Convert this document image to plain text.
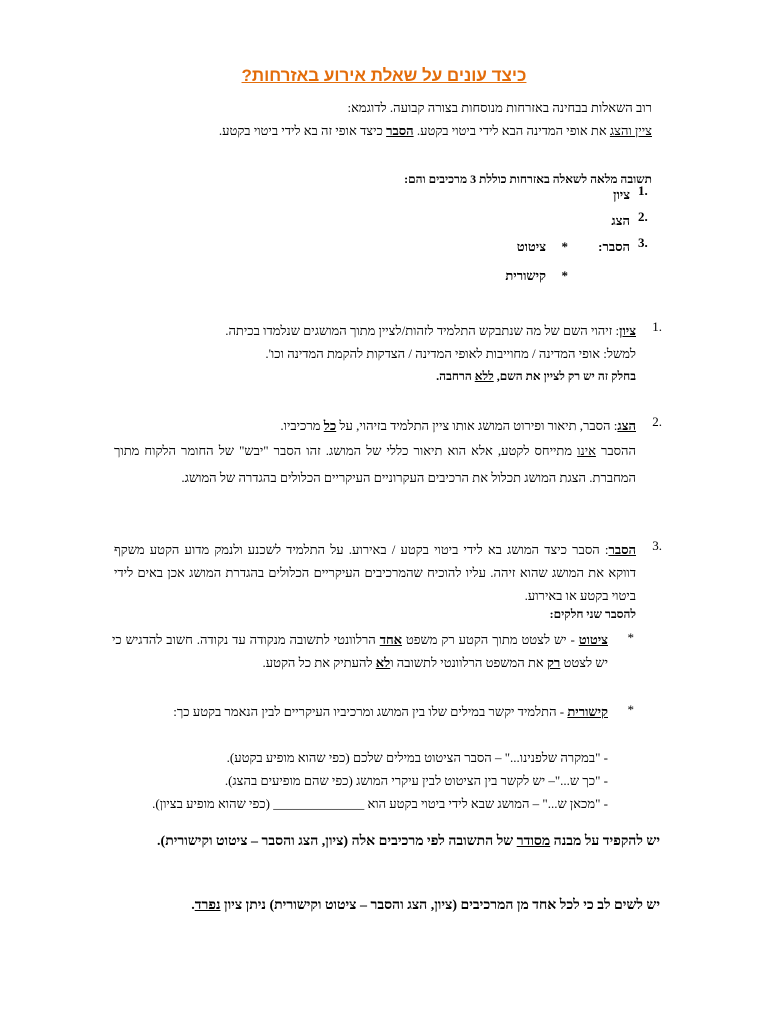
כיצד עונים על שאלת אירוע באזרחות?
רוב השאלות בבחינה באזרחות מנוסחות בצורה קבועה. לדוגמא:
ציין והצג את אופי המדינה הבא לידי ביטוי בקטע. הסבר כיצד אופי זה בא לידי ביטוי בקטע.
תשובה מלאה לשאלה באזרחות כוללת 3 מרכיבים והם:
1.
ציון
2.
הצג
3.
הסבר:
*
ציטוט
*
קישורית
1.
ציון: זיהוי השם של מה שנתבקש התלמיד לזהות/לציין מתוך המושגים שנלמדו בכיתה.
למשל: אופי המדינה / מחוייבות לאופי המדינה / הצדקות להקמת המדינה וכו'.
בחלק זה יש רק לציין את השם, ללא הרחבה.
2.
הצג: הסבר, תיאור ופירוט המושג אותו ציין התלמיד בזיהוי, על כל מרכיביו.
ההסבר אינו מתייחס לקטע, אלא הוא תיאור כללי של המושג. זהו הסבר "יבש" של החומר הלקוח מתוך המחברת. הצגת המושג תכלול את הרכיבים העקרוניים העיקריים הכלולים בהגדרה של המושג.
3.
הסבר: הסבר כיצד המושג בא לידי ביטוי בקטע / באירוע. על התלמיד לשכנע ולנמק מדוע הקטע משקף דווקא את המושג שהוא זיהה. עליו להוכיח שהמרכיבים העיקריים הכלולים בהגדרת המושג אכן באים לידי ביטוי בקטע או באירוע.
להסבר שני חלקים:
*
ציטוט - יש לצטט מתוך הקטע רק משפט אחד הרלוונטי לתשובה מנקודה עד נקודה. חשוב להדגיש כי יש לצטט רק את המשפט הרלוונטי לתשובה ולא להעתיק את כל הקטע.
*
קישורית - התלמיד יקשר במילים שלו בין המושג ומרכיביו העיקריים לבין הנאמר בקטע כך:
- "במקרה שלפנינו..." – הסבר הציטוט במילים שלכם (כפי שהוא מופיע בקטע).
- "כך ש..."– יש לקשר בין הציטוט לבין עיקרי המושג (כפי שהם מופיעים בהצג).
- "מכאן ש..." – המושג שבא לידי ביטוי בקטע הוא ______________ (כפי שהוא מופיע בציון).
יש להקפיד על מבנה מסודר של התשובה לפי מרכיבים אלה (ציון, הצג והסבר – ציטוט וקישורית).
יש לשים לב כי לכל אחד מן המרכיבים (ציון, הצג והסבר – ציטוט וקישורית) ניתן ציון נפרד.
